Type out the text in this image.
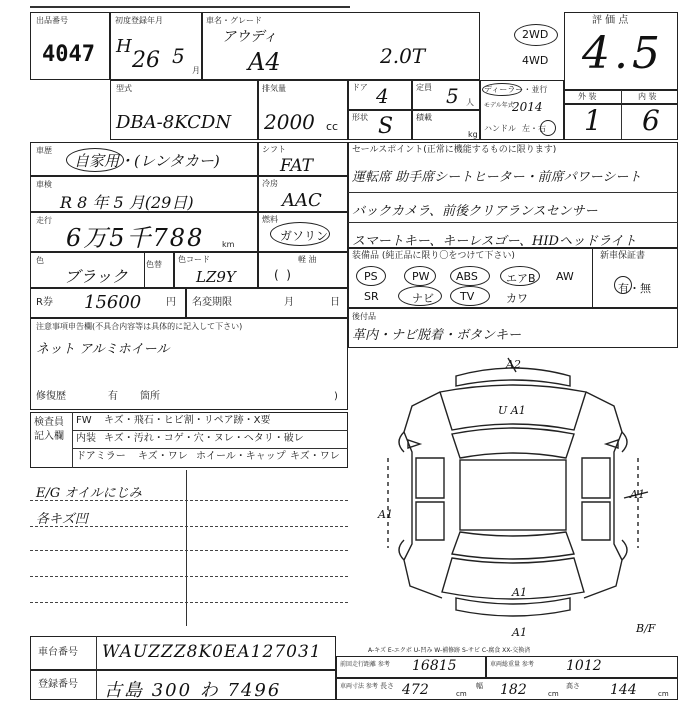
出品番号
4047
初度登録年月
H
26 5
月
車名・グレード
アウディ
A4	2.0T
2WD
4WD
評 価 点
4.5
型式
DBA-8KCDN
排気量
2000 cc
ドア 4	定員 5 人
形状 S	積載
kg
ディーラー・並行
モデル年式
2014
ハンドル 左・右
外 装	内 装
1 6
車歴
自家用・(レンタカー)
シフト
FAT
車検
R 8 年 5 月(29日)
冷房
AAC
走行
6万5千788 km
燃料
ガソリン
色
ブラック
色替
色コード
LZ9Y
軽 油
(  )
R券 15600 円 名変期限	月	日
注意事項申告欄(不具合内容等は具体的に記入して下さい)
ネット アルミホイール
修復歴	有 箇所	)
検査員
記入欄
FW キズ・飛石・ヒビ割・リペア跡・X要
内装 キズ・汚れ・コゲ・穴・ヌレ・ヘタリ・破レ
ドアミラー キズ・ワレ ホイール・キャップ キズ・ワレ
E/G オイルにじみ
各キズ凹
セールスポイント(正常に機能するものに限ります)
運転席 助手席シートヒーター・前席パワーシート
バックカメラ、前後クリアランスセンサー
スマートキー、キーレスゴー、HIDヘッドライト
装備品 (純正品に限り〇をつけて下さい)	新車保証書
有・無
PS	PW ABS	エアB AW
SR	ナビ TV	カワ
後付品
革内・ナビ脱着・ボタンキー
A2
U A1
A1
A1
A1
A1	B/F
A-キズ E-エクボ U-凹み W-補修跡 S-サビ C-腐食 XX-交換済
車台番号 WAUZZZ8K0EA127031
登録番号 古島 300 わ 7496
前回走行距離 参考 16815	車両総重量 参考 1012
車両寸法 参考 長さ 472	cm
幅 182	cm
高さ 144	cm
